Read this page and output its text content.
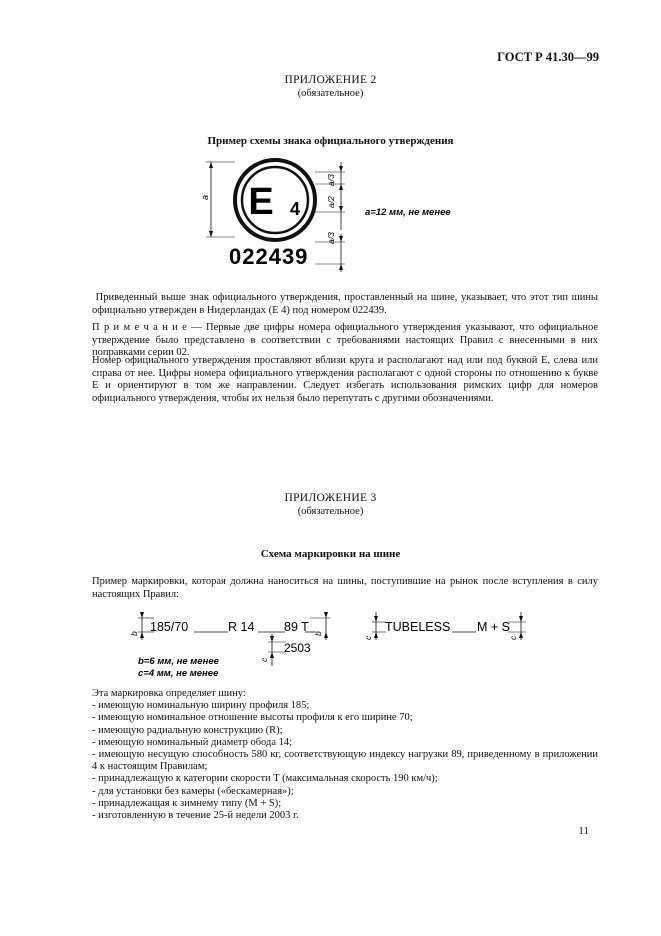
ГОСТ Р 41.30—99
ПРИЛОЖЕНИЕ 2
(обязательное)
Пример схемы знака официального утверждения
a E 4
a/3
a/2
a/3
022439
a=12 мм, не менее
Приведенный выше знак официального утверждения, проставленный на шине, указывает, что этот тип шины официально утвержден в Нидерландах (E 4) под номером 022439.
П р и м е ч а н и е — Первые две цифры номера официального утверждения указывают, что официальное утверждение было представлено в соответствии с требованиями настоящих Правил с внесенными в них поправками серии 02.
Номер официального утверждения проставляют вблизи круга и располагают над или под буквой E, слева или справа от нее. Цифры номера официального утверждения располагают с одной стороны по отношению к букве E и ориентируют в том же направлении. Следует избегать использования римских цифр для номеров официального утверждения, чтобы их нельзя было перепутать с другими обозначениями.
ПРИЛОЖЕНИЕ 3
(обязательное)
Схема маркировки на шине
Пример маркировки, которая должна наноситься на шины, поступившие на рынок после вступления в силу настоящих Правил:
b 185/70	R 14 89 T b
c
2503
c
TUBELESS M + S
c
b=6 мм, не менее
c=4 мм, не менее
Эта маркировка определяет шину:
- имеющую номинальную ширину профиля 185;
- имеющую номинальное отношение высоты профиля к его ширине 70;
- имеющую радиальную конструкцию (R);
- имеющую номинальный диаметр обода 14;
- имеющую несущую способность 580 кг, соответствующую индексу нагрузки 89, приведенному в приложении 4 к настоящим Правилам;
- принадлежащую к категории скорости T (максимальная скорость 190 км/ч);
- для установки без камеры («бескамерная»);
- принадлежащая к зимнему типу (M + S);
- изготовленную в течение 25-й недели 2003 г.
11
